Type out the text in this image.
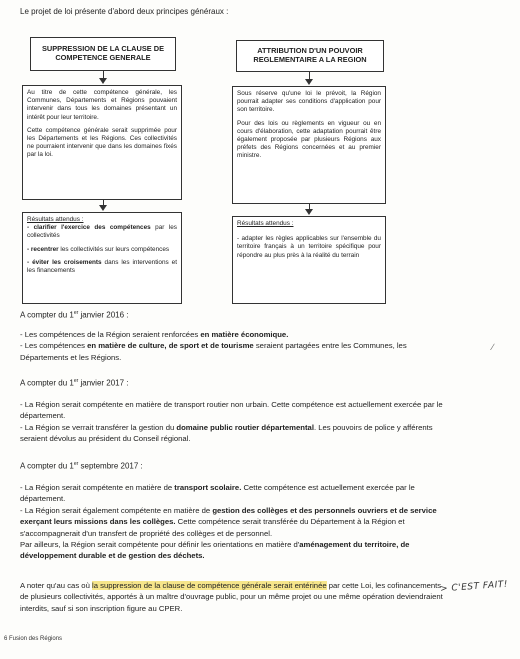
Le projet de loi présente d'abord deux principes généraux :
SUPPRESSION DE LA CLAUSE DE
COMPETENCE GENERALE

Au titre de cette compétence générale, les Communes, Départements et Régions pouvaient intervenir dans tous les domaines présentant un intérêt pour leur territoire.

Cette compétence générale serait supprimée pour les Départements et les Régions. Ces collectivités ne pourraient intervenir que dans les domaines fixés par la loi.

Résultats attendus :

- clarifier l'exercice des compétences par les collectivités

- recentrer les collectivités sur leurs compétences

- éviter les croisements dans les interventions et les financements

ATTRIBUTION D'UN POUVOIR
REGLEMENTAIRE A LA REGION

Sous réserve qu'une loi le prévoit, la Région pourrait adapter ses conditions d'application pour son territoire.

Pour des lois ou règlements en vigueur ou en cours d'élaboration, cette adaptation pourrait être également proposée par plusieurs Régions aux préfets des Régions concernées et au premier ministre.

Résultats attendus :

- adapter les règles applicables sur l'ensemble du territoire français à un territoire spécifique pour répondre au plus près à la réalité du terrain

A compter du 1er janvier 2016 :

- Les compétences de la Région seraient renforcées en matière économique.

- Les compétences en matière de culture, de sport et de tourisme seraient partagées entre les Communes, les Départements et les Régions.

∕
A compter du 1er janvier 2017 :

- La Région serait compétente en matière de transport routier non urbain. Cette compétence est actuellement exercée par le département.

- La Région se verrait transférer la gestion du domaine public routier départemental. Les pouvoirs de police y afférents seraient dévolus au président du Conseil régional.

A compter du 1er septembre 2017 :

- La Région serait compétente en matière de transport scolaire. Cette compétence est actuellement exercée par le département.

- La Région serait également compétente en matière de gestion des collèges et des personnels ouvriers et de service exerçant leurs missions dans les collèges. Cette compétence serait transférée du Département à la Région et s'accompagnerait d'un transfert de propriété des collèges et de personnel.

Par ailleurs, la Région serait compétente pour définir les orientations en matière d'aménagement du territoire, de développement durable et de gestion des déchets.

A noter qu'au cas où la suppression de la clause de compétence générale serait entérinée par cette Loi, les cofinancements de plusieurs collectivités, apportés à un maître d'ouvrage public, pour un même projet ou une même opération deviendraient interdits, sauf si son inscription figure au CPER.

> C'EST FAIT!
6 Fusion des Régions
